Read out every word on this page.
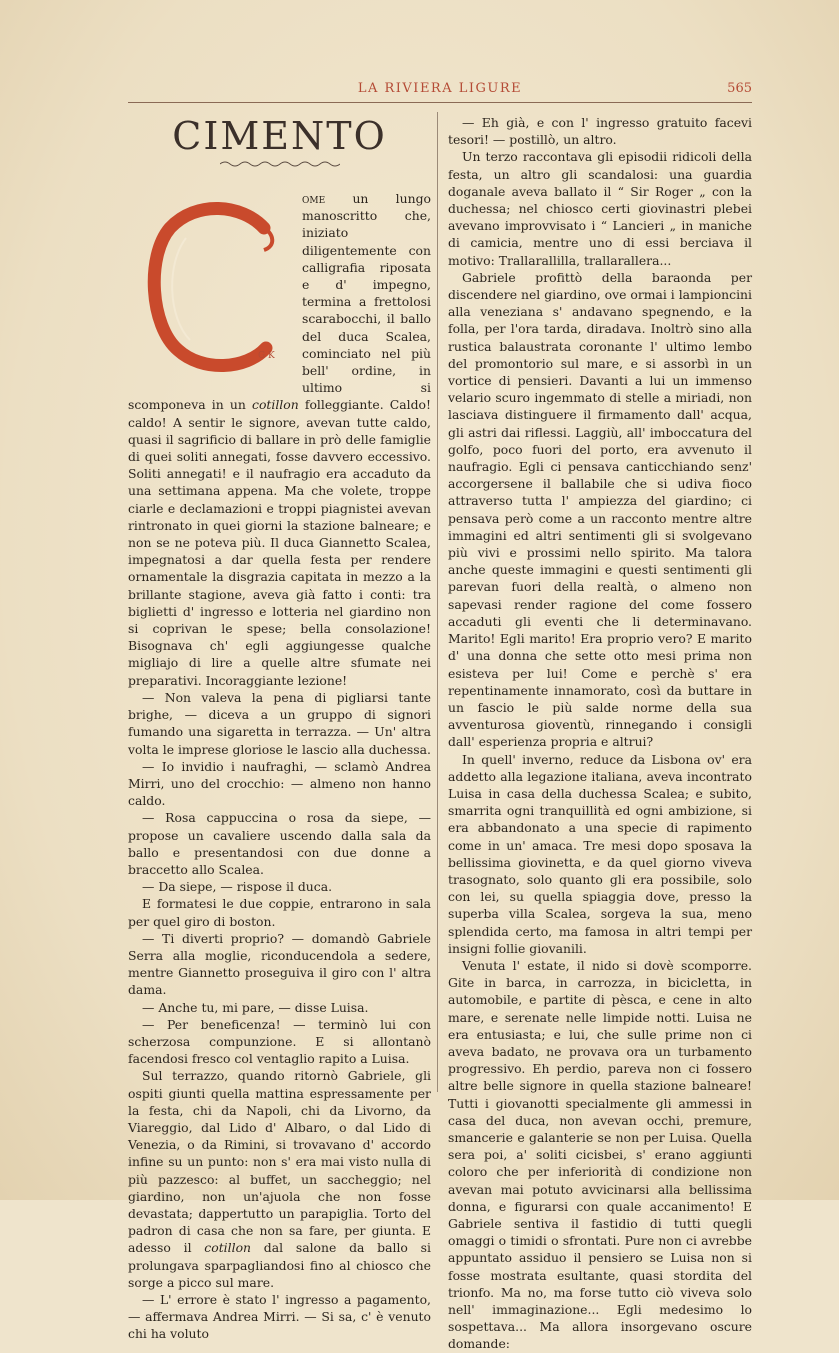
LA RIVIERA LIGURE	565
CIMENTO
G K

ome un lungo manoscritto che, iniziato diligentemente con calligrafia riposata e d' impegno, termina a frettolosi scarabocchi, il ballo del duca Scalea, cominciato nel più bell' ordine, in ultimo si scomponeva in un cotillon folleggiante. Caldo! caldo! A sentir le signore, avevan tutte caldo, quasi il sagrificio di ballare in prò delle famiglie di quei soliti annegati, fosse davvero eccessivo. Soliti annegati! e il naufragio era accaduto da una settimana appena. Ma che volete, troppe ciarle e declamazioni e troppi piagnistei avevan rintronato in quei giorni la stazione balneare; e non se ne poteva più. Il duca Giannetto Scalea, impegnatosi a dar quella festa per rendere ornamentale la disgrazia capitata in mezzo a la brillante stagione, aveva già fatto i conti: tra biglietti d' ingresso e lotteria nel giardino non si coprivan le spese; bella consolazione! Bisognava ch' egli aggiungesse qualche migliajo di lire a quelle altre sfumate nei preparativi. Incoraggiante lezione!

— Non valeva la pena di pigliarsi tante brighe, — diceva a un gruppo di signori fumando una sigaretta in terrazza. — Un' altra volta le imprese gloriose le lascio alla duchessa.

— Io invidio i naufraghi, — sclamò Andrea Mirri, uno del crocchio: — almeno non hanno caldo.

— Rosa cappuccina o rosa da siepe, — propose un cavaliere uscendo dalla sala da ballo e presentandosi con due donne a braccetto allo Scalea.

— Da siepe, — rispose il duca.

E formatesi le due coppie, entrarono in sala per quel giro di boston.

— Ti diverti proprio? — domandò Gabriele Serra alla moglie, riconducendola a sedere, mentre Giannetto proseguiva il giro con l' altra dama.

— Anche tu, mi pare, — disse Luisa.

— Per beneficenza! — terminò lui con scherzosa compunzione. E si allontanò facendosi fresco col ventaglio rapito a Luisa.

Sul terrazzo, quando ritornò Gabriele, gli ospiti giunti quella mattina espressamente per la festa, chi da Napoli, chi da Livorno, da Viareggio, dal Lido d' Albaro, o dal Lido di Venezia, o da Rimini, si trovavano d' accordo infine su un punto: non s' era mai visto nulla di più pazzesco: al buffet, un saccheggio; nel giardino, non un'ajuola che non fosse devastata; dappertutto un parapiglia. Torto del padron di casa che non sa fare, per giunta. E adesso il cotillon dal salone da ballo si prolungava sparpagliandosi fino al chiosco che sorge a picco sul mare.

— L' errore è stato l' ingresso a pagamento, — affermava Andrea Mirri. — Si sa, c' è venuto chi ha voluto

— Eh già, e con l' ingresso gratuito facevi tesori! — postillò, un altro.

Un terzo raccontava gli episodii ridicoli della festa, un altro gli scandalosi: una guardia doganale aveva ballato il “ Sir Roger „ con la duchessa; nel chiosco certi giovinastri plebei avevano improvvisato i “ Lancieri „ in maniche di camicia, mentre uno di essi berciava il motivo: Trallarallilla, trallarallera...

Gabriele profittò della baraonda per discendere nel giardino, ove ormai i lampioncini alla veneziana s' andavano spegnendo, e la folla, per l'ora tarda, diradava. Inoltrò sino alla rustica balaustrata coronante l' ultimo lembo del promontorio sul mare, e si assorbì in un vortice di pensieri. Davanti a lui un immenso velario scuro ingemmato di stelle a miriadi, non lasciava distinguere il firmamento dall' acqua, gli astri dai riflessi. Laggiù, all' imboccatura del golfo, poco fuori del porto, era avvenuto il naufragio. Egli ci pensava canticchiando senz' accorgersene il ballabile che si udiva fioco attraverso tutta l' ampiezza del giardino; ci pensava però come a un racconto mentre altre immagini ed altri sentimenti gli si svolgevano più vivi e prossimi nello spirito. Ma talora anche queste immagini e questi sentimenti gli parevan fuori della realtà, o almeno non sapevasi render ragione del come fossero accaduti gli eventi che li determinavano. Marito! Egli marito! Era proprio vero? E marito d' una donna che sette otto mesi prima non esisteva per lui! Come e perchè s' era repentinamente innamorato, così da buttare in un fascio le più salde norme della sua avventurosa gioventù, rinnegando i consigli dall' esperienza propria e altrui?

In quell' inverno, reduce da Lisbona ov' era addetto alla legazione italiana, aveva incontrato Luisa in casa della duchessa Scalea; e subito, smarrita ogni tranquillità ed ogni ambizione, si era abbandonato a una specie di rapimento come in un' amaca. Tre mesi dopo sposava la bellissima giovinetta, e da quel giorno viveva trasognato, solo quanto gli era possibile, solo con lei, su quella spiaggia dove, presso la superba villa Scalea, sorgeva la sua, meno splendida certo, ma famosa in altri tempi per insigni follie giovanili.

Venuta l' estate, il nido si dovè scomporre. Gite in barca, in carrozza, in bicicletta, in automobile, e partite di pèsca, e cene in alto mare, e serenate nelle limpide notti. Luisa ne era entusiasta; e lui, che sulle prime non ci aveva badato, ne provava ora un turbamento progressivo. Eh perdio, pareva non ci fossero altre belle signore in quella stazione balneare! Tutti i giovanotti specialmente gli ammessi in casa del duca, non avevan occhi, premure, smancerie e galanterie se non per Luisa. Quella sera poi, a' soliti cicisbei, s' erano aggiunti coloro che per inferiorità di condizione non avevan mai potuto avvicinarsi alla bellissima donna, e figurarsi con quale accanimento! E Gabriele sentiva il fastidio di tutti quegli omaggi o timidi o sfrontati. Pure non ci avrebbe appuntato assiduo il pensiero se Luisa non si fosse mostrata esultante, quasi stordita del trionfo. Ma no, ma forse tutto ciò viveva solo nell' immaginazione... Egli medesimo lo sospettava... Ma allora insorgevano oscure domande:
